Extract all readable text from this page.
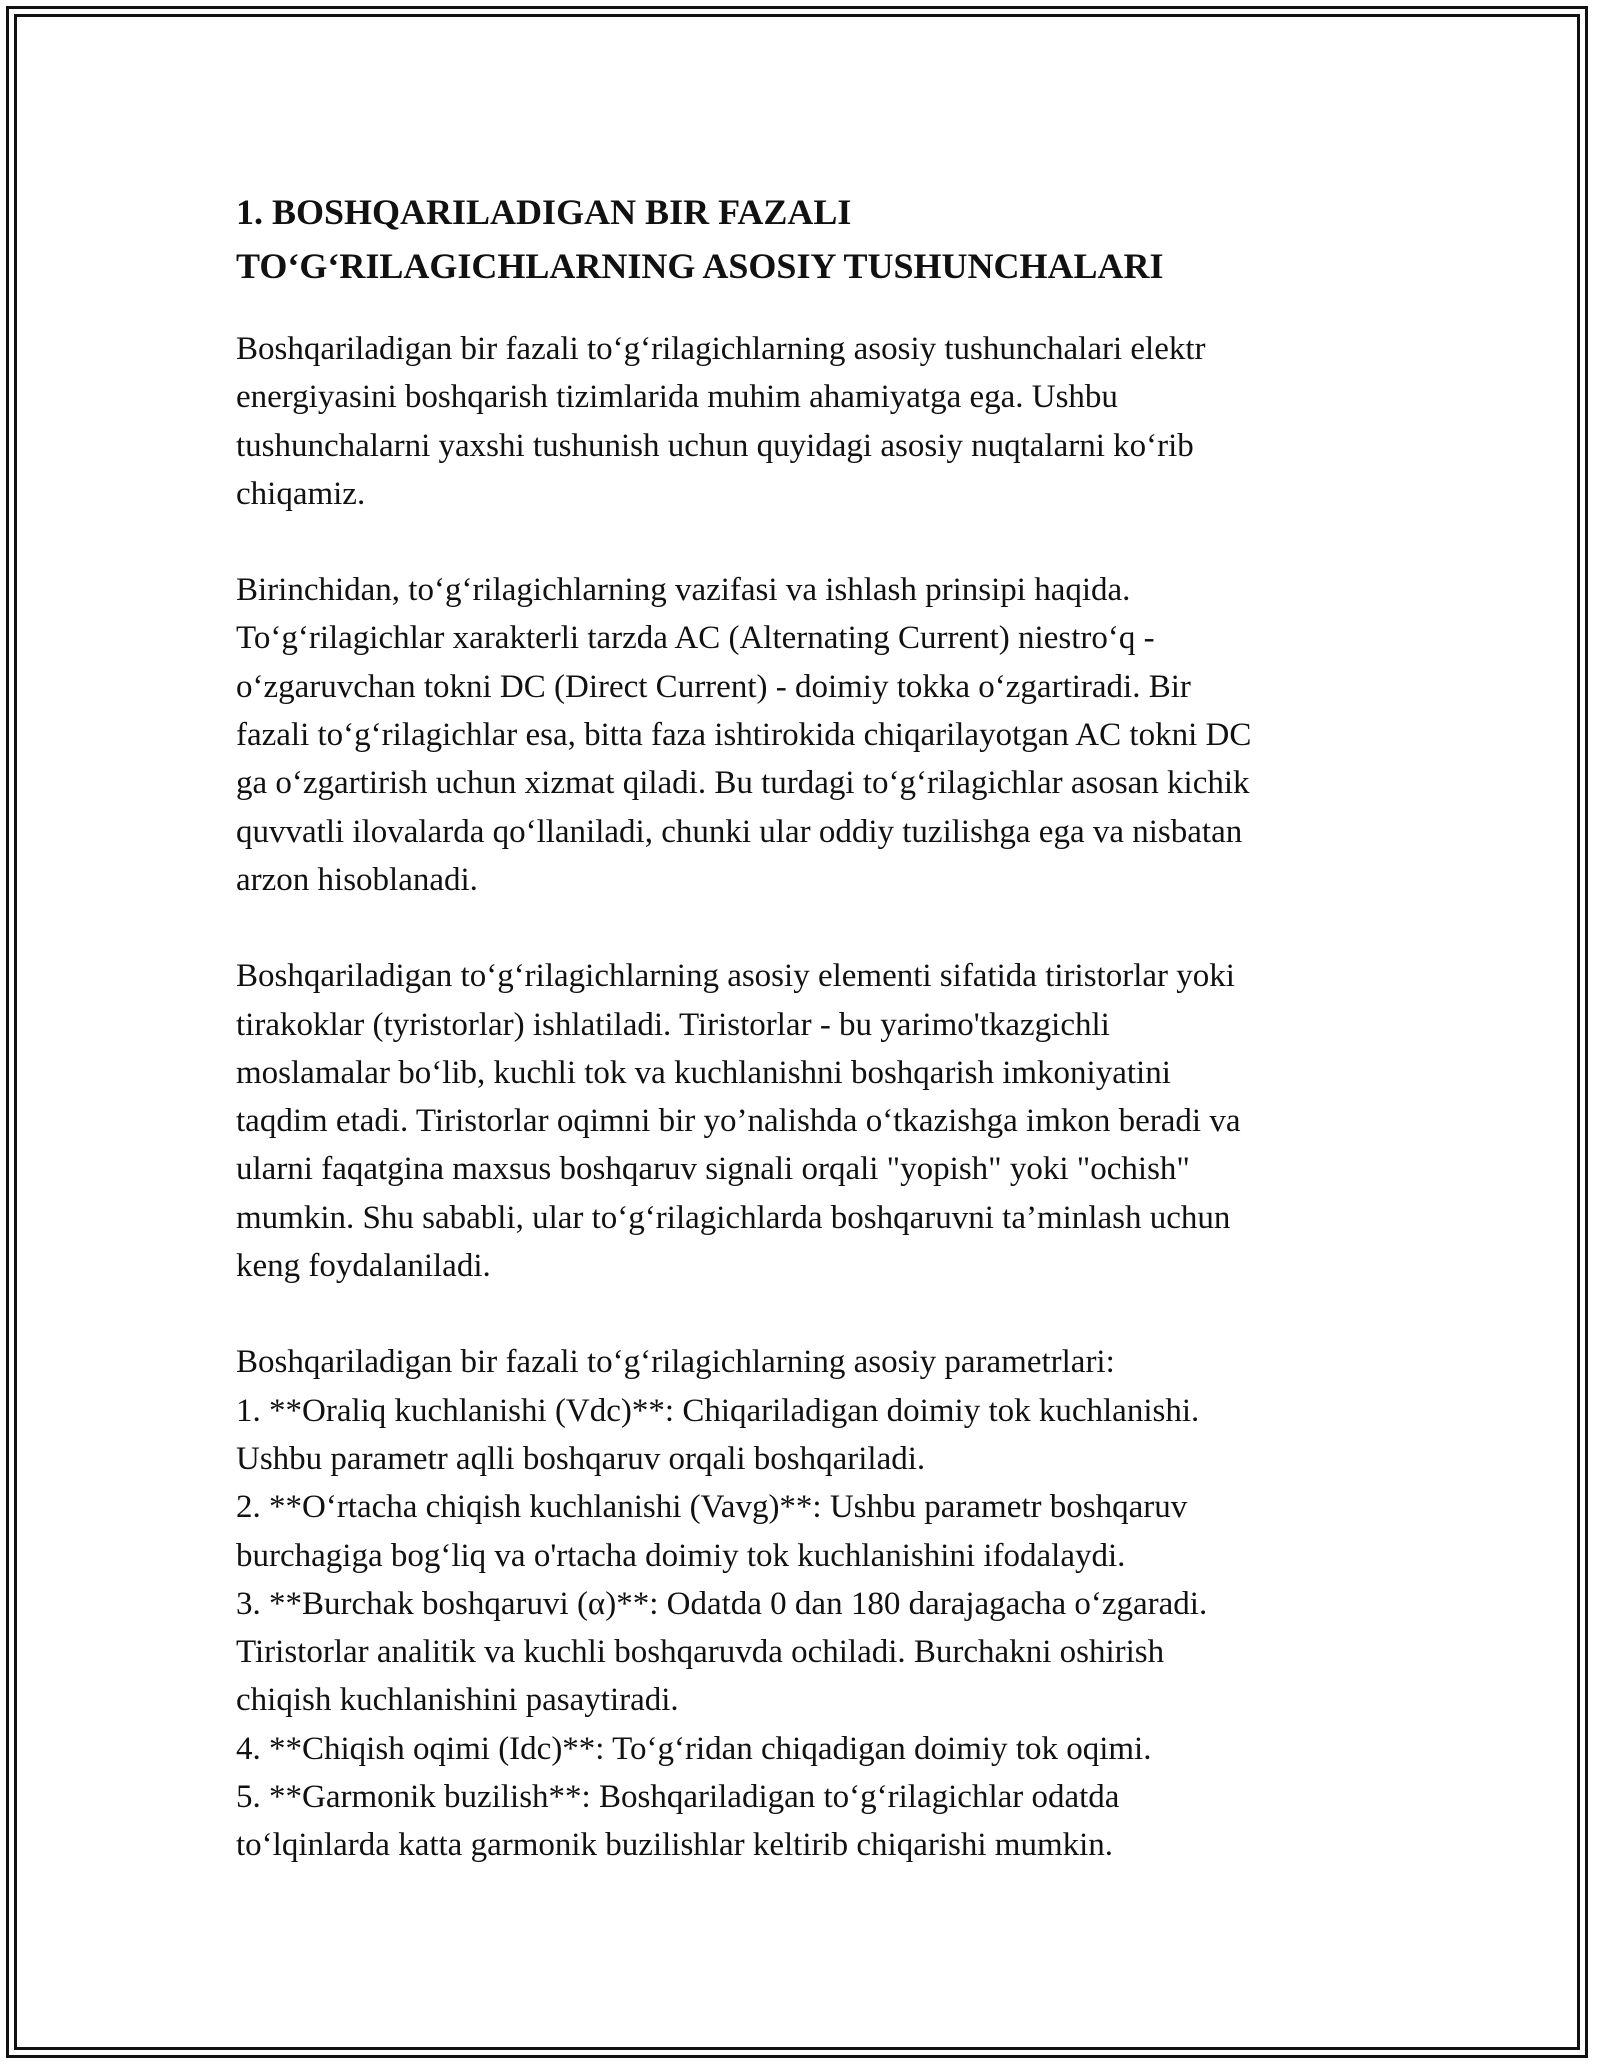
1. BOSHQARILADIGAN BIR FAZALI
TO‘G‘RILAGICHLARNING ASOSIY TUSHUNCHALARI
Boshqariladigan bir fazali to‘g‘rilagichlarning asosiy tushunchalari elektr
energiyasini boshqarish tizimlarida muhim ahamiyatga ega. Ushbu
tushunchalarni yaxshi tushunish uchun quyidagi asosiy nuqtalarni ko‘rib
chiqamiz.
Birinchidan, to‘g‘rilagichlarning vazifasi va ishlash prinsipi haqida.
To‘g‘rilagichlar xarakterli tarzda AC (Alternating Current) niestro‘q -
o‘zgaruvchan tokni DC (Direct Current) - doimiy tokka o‘zgartiradi. Bir
fazali to‘g‘rilagichlar esa, bitta faza ishtirokida chiqarilayotgan AC tokni DC
ga o‘zgartirish uchun xizmat qiladi. Bu turdagi to‘g‘rilagichlar asosan kichik
quvvatli ilovalarda qo‘llaniladi, chunki ular oddiy tuzilishga ega va nisbatan
arzon hisoblanadi.
Boshqariladigan to‘g‘rilagichlarning asosiy elementi sifatida tiristorlar yoki
tirakoklar (tyristorlar) ishlatiladi. Tiristorlar - bu yarimo'tkazgichli
moslamalar bo‘lib, kuchli tok va kuchlanishni boshqarish imkoniyatini
taqdim etadi. Tiristorlar oqimni bir yo’nalishda o‘tkazishga imkon beradi va
ularni faqatgina maxsus boshqaruv signali orqali "yopish" yoki "ochish"
mumkin. Shu sababli, ular to‘g‘rilagichlarda boshqaruvni ta’minlash uchun
keng foydalaniladi.
Boshqariladigan bir fazali to‘g‘rilagichlarning asosiy parametrlari:
1. **Oraliq kuchlanishi (Vdc)**: Chiqariladigan doimiy tok kuchlanishi.
Ushbu parametr aqlli boshqaruv orqali boshqariladi.
2. **O‘rtacha chiqish kuchlanishi (Vavg)**: Ushbu parametr boshqaruv
burchagiga bog‘liq va o'rtacha doimiy tok kuchlanishini ifodalaydi.
3. **Burchak boshqaruvi (α)**: Odatda 0 dan 180 darajagacha o‘zgaradi.
Tiristorlar analitik va kuchli boshqaruvda ochiladi. Burchakni oshirish
chiqish kuchlanishini pasaytiradi.
4. **Chiqish oqimi (Idc)**: To‘g‘ridan chiqadigan doimiy tok oqimi.
5. **Garmonik buzilish**: Boshqariladigan to‘g‘rilagichlar odatda
to‘lqinlarda katta garmonik buzilishlar keltirib chiqarishi mumkin.
